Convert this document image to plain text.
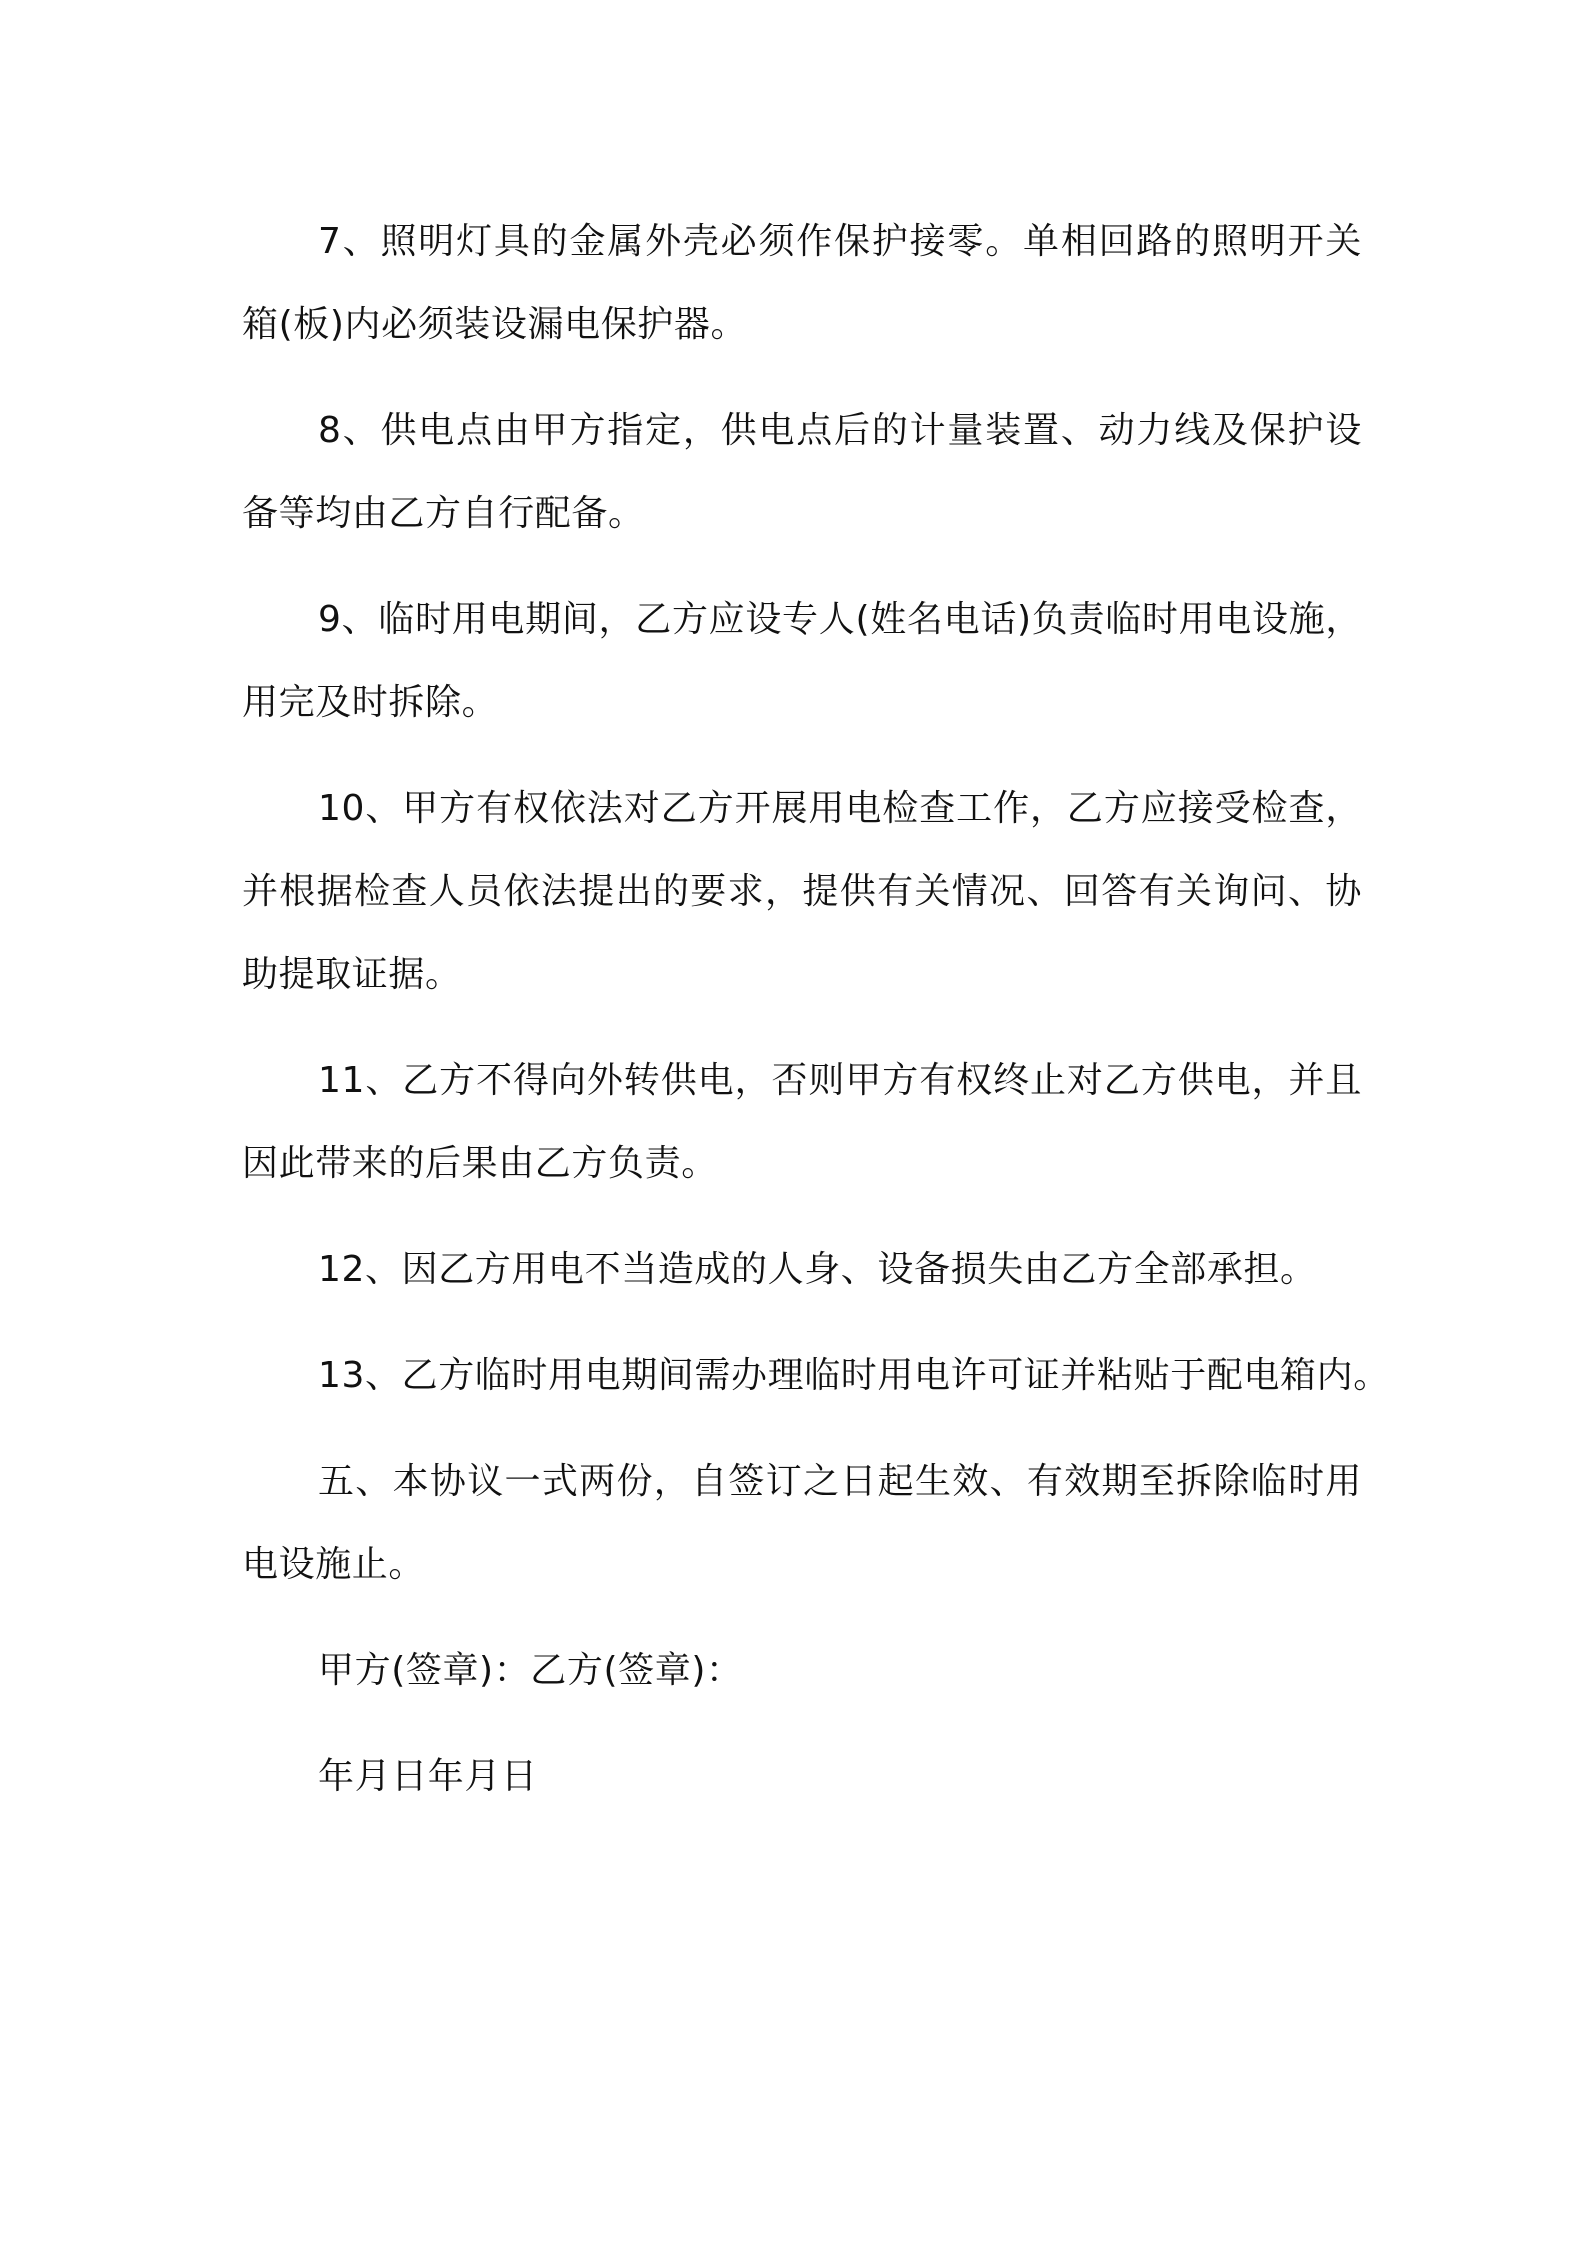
7、照明灯具的金属外壳必须作保护接零。单相回路的照明开关箱(板)内必须装设漏电保护器。

8、供电点由甲方指定，供电点后的计量装置、动力线及保护设备等均由乙方自行配备。

9、临时用电期间，乙方应设专人(姓名电话)负责临时用电设施，用完及时拆除。

10、甲方有权依法对乙方开展用电检查工作，乙方应接受检查，并根据检查人员依法提出的要求，提供有关情况、回答有关询问、协助提取证据。

11、乙方不得向外转供电，否则甲方有权终止对乙方供电，并且因此带来的后果由乙方负责。

12、因乙方用电不当造成的人身、设备损失由乙方全部承担。

13、乙方临时用电期间需办理临时用电许可证并粘贴于配电箱内。

五、本协议一式两份，自签订之日起生效、有效期至拆除临时用电设施止。

甲方(签章)：乙方(签章)：
年月日年月日
